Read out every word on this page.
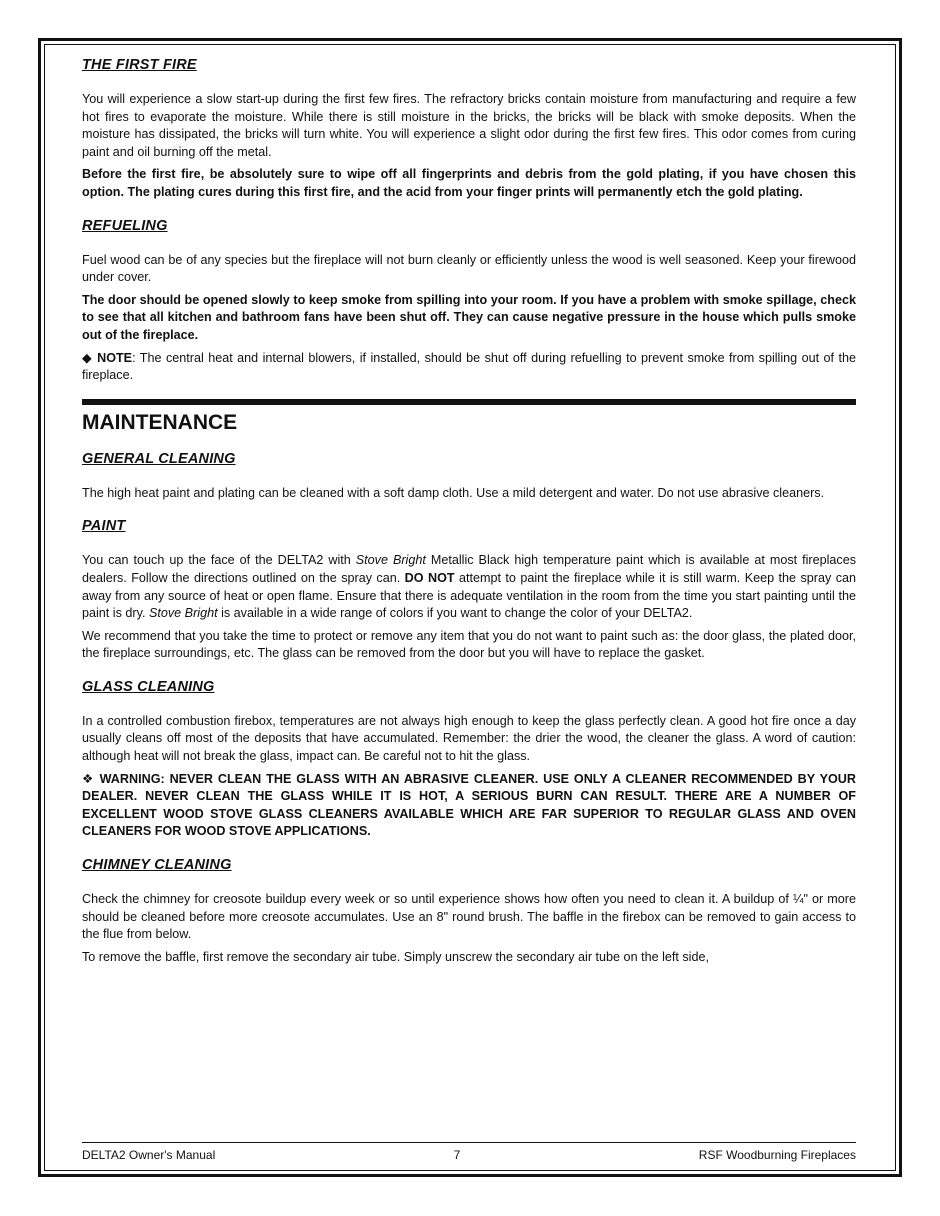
THE FIRST FIRE

You will experience a slow start-up during the first few fires. The refractory bricks contain moisture from manufacturing and require a few hot fires to evaporate the moisture. While there is still moisture in the bricks, the bricks will be black with smoke deposits. When the moisture has dissipated, the bricks will turn white. You will experience a slight odor during the first few fires. This odor comes from curing paint and oil burning off the metal.

Before the first fire, be absolutely sure to wipe off all fingerprints and debris from the gold plating, if you have chosen this option. The plating cures during this first fire, and the acid from your finger prints will permanently etch the gold plating.

REFUELING

Fuel wood can be of any species but the fireplace will not burn cleanly or efficiently unless the wood is well seasoned. Keep your firewood under cover.

The door should be opened slowly to keep smoke from spilling into your room. If you have a problem with smoke spillage, check to see that all kitchen and bathroom fans have been shut off. They can cause negative pressure in the house which pulls smoke out of the fireplace.

◆ NOTE: The central heat and internal blowers, if installed, should be shut off during refuelling to prevent smoke from spilling out of the fireplace.

MAINTENANCE
GENERAL CLEANING

The high heat paint and plating can be cleaned with a soft damp cloth. Use a mild detergent and water. Do not use abrasive cleaners.

PAINT

You can touch up the face of the DELTA2 with Stove Bright Metallic Black high temperature paint which is available at most fireplaces dealers. Follow the directions outlined on the spray can. DO NOT attempt to paint the fireplace while it is still warm. Keep the spray can away from any source of heat or open flame. Ensure that there is adequate ventilation in the room from the time you start painting until the paint is dry. Stove Bright is available in a wide range of colors if you want to change the color of your DELTA2.

We recommend that you take the time to protect or remove any item that you do not want to paint such as: the door glass, the plated door, the fireplace surroundings, etc. The glass can be removed from the door but you will have to replace the gasket.

GLASS CLEANING

In a controlled combustion firebox, temperatures are not always high enough to keep the glass perfectly clean. A good hot fire once a day usually cleans off most of the deposits that have accumulated. Remember: the drier the wood, the cleaner the glass. A word of caution: although heat will not break the glass, impact can. Be careful not to hit the glass.

❖ WARNING: NEVER CLEAN THE GLASS WITH AN ABRASIVE CLEANER. USE ONLY A CLEANER RECOMMENDED BY YOUR DEALER. NEVER CLEAN THE GLASS WHILE IT IS HOT, A SERIOUS BURN CAN RESULT. THERE ARE A NUMBER OF EXCELLENT WOOD STOVE GLASS CLEANERS AVAILABLE WHICH ARE FAR SUPERIOR TO REGULAR GLASS AND OVEN CLEANERS FOR WOOD STOVE APPLICATIONS.

CHIMNEY CLEANING

Check the chimney for creosote buildup every week or so until experience shows how often you need to clean it. A buildup of ¼" or more should be cleaned before more creosote accumulates. Use an 8" round brush. The baffle in the firebox can be removed to gain access to the flue from below.

To remove the baffle, first remove the secondary air tube. Simply unscrew the secondary air tube on the left side,

DELTA2 Owner's Manual	7	RSF Woodburning Fireplaces
